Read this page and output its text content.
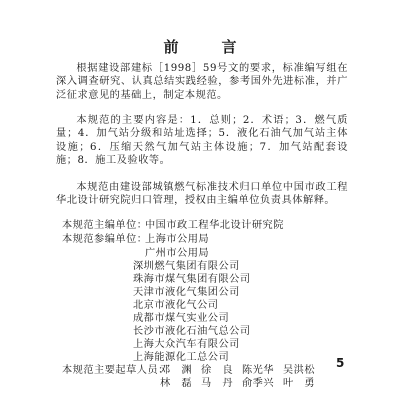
前　言

根据建设部建标［1998］59号文的要求，标准编写组在深入调查研究、认真总结实践经验，参考国外先进标准，并广泛征求意见的基础上，制定本规范。

本规范的主要内容是：1．总则；2．术语；3．燃气质量；4．加气站分级和站址选择；5．液化石油气加气站主体设施；6．压缩天然气加气站主体设施；7．加气站配套设施；8．施工及验收等。

本规范由建设部城镇燃气标准技术归口单位中国市政工程华北设计研究院归口管理，授权由主编单位负责具体解释。

本规范主编单位：
中国市政工程华北设计研究院
本规范参编单位：
上海市公用局
广州市公用局
深圳燃气集团有限公司
珠海市煤气集团有限公司
天津市液化气集团公司
北京市液化气公司
成都市煤气实业公司
长沙市液化石油气总公司
上海大众汽车有限公司
上海能源化工总公司
本规范主要起草人员：
5
邓　渊 徐　良 陈光华 吴洪松
林　磊 马　丹 俞季兴 叶　勇
